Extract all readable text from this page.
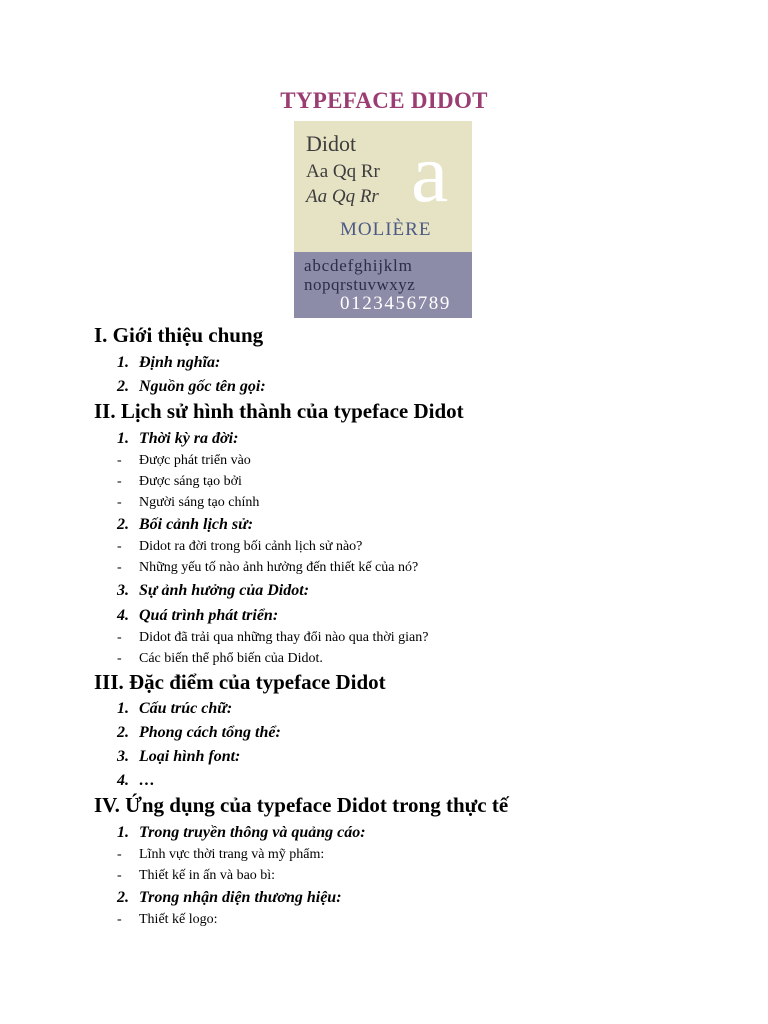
TYPEFACE DIDOT
Didot
Aa Qq Rr
Aa Qq Rr a
MOLIÈRE
abcdefghijklm
nopqrstuvwxyz
0123456789
I. Giới thiệu chung
1. Định nghĩa:
2. Nguồn gốc tên gọi:
II. Lịch sử hình thành của typeface Didot
1. Thời kỳ ra đời:
- Được phát triển vào
- Được sáng tạo bởi
- Người sáng tạo chính
2. Bối cảnh lịch sử:
- Didot ra đời trong bối cảnh lịch sử nào?
- Những yếu tố nào ảnh hưởng đến thiết kế của nó?
3. Sự ảnh hưởng của Didot:
4. Quá trình phát triển:
- Didot đã trải qua những thay đổi nào qua thời gian?
- Các biến thể phổ biến của Didot.
III. Đặc điểm của typeface Didot
1. Cấu trúc chữ:
2. Phong cách tổng thể:
3. Loại hình font:
4. …
IV. Ứng dụng của typeface Didot trong thực tế
1. Trong truyền thông và quảng cáo:
- Lĩnh vực thời trang và mỹ phẩm:
- Thiết kế in ấn và bao bì:
2. Trong nhận diện thương hiệu:
- Thiết kế logo:
